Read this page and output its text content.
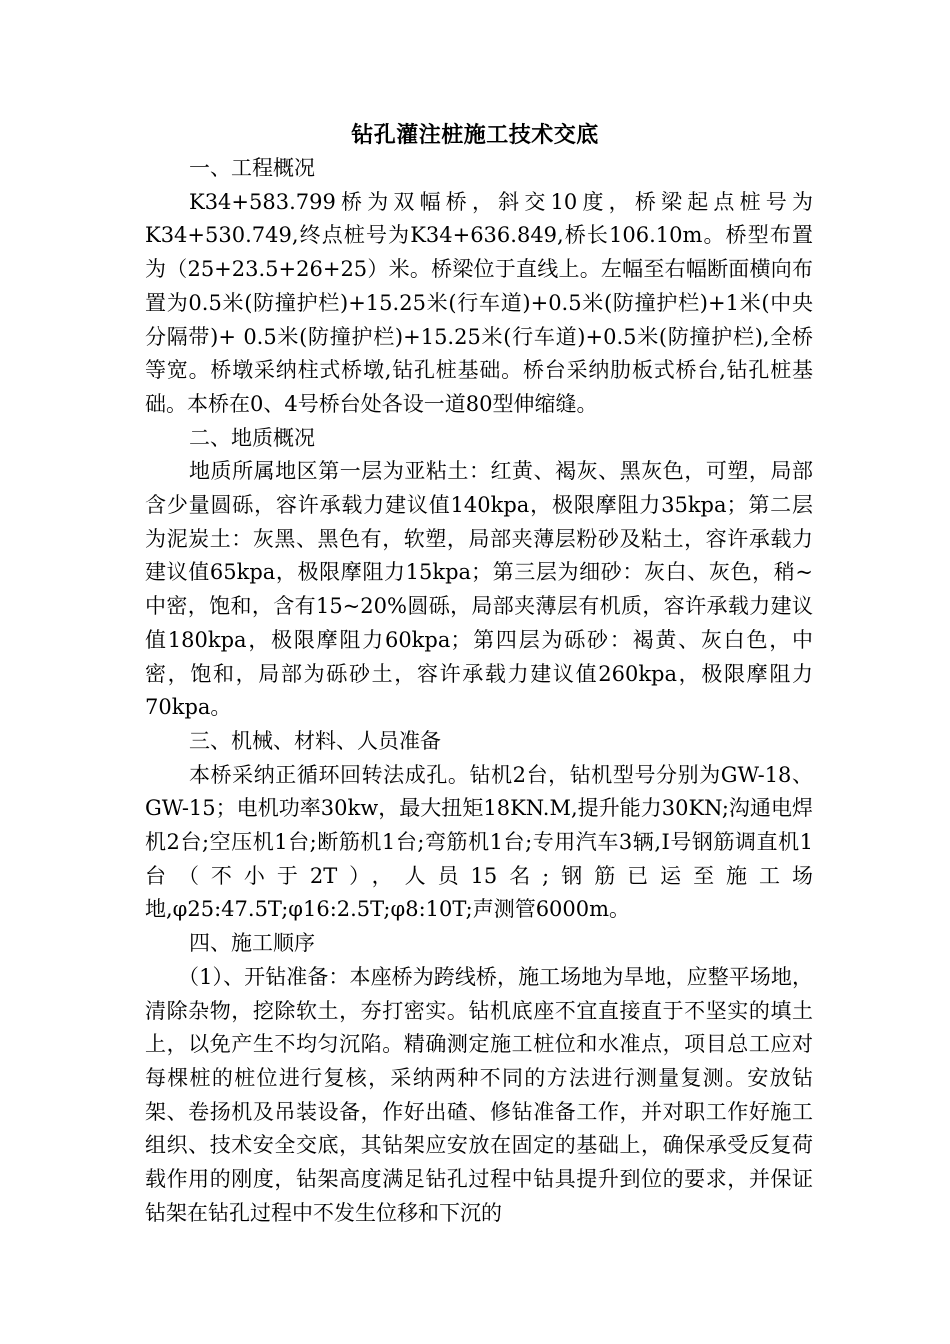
钻孔灌注桩施工技术交底

一、工程概况

K34+583.799桥为双幅桥，斜交10度，桥梁起点桩号为K34+530.749,终点桩号为K34+636.849,桥长106.10m。桥型布置为（25+23.5+26+25）米。桥梁位于直线上。左幅至右幅断面横向布置为0.5米(防撞护栏)+15.25米(行车道)+0.5米(防撞护栏)+1米(中央分隔带)+ 0.5米(防撞护栏)+15.25米(行车道)+0.5米(防撞护栏),全桥等宽。桥墩采纳柱式桥墩,钻孔桩基础。桥台采纳肋板式桥台,钻孔桩基础。本桥在0、4号桥台处各设一道80型伸缩缝。

二、地质概况

地质所属地区第一层为亚粘土：红黄、褐灰、黑灰色，可塑，局部含少量圆砾，容许承载力建议值140kpa，极限摩阻力35kpa；第二层为泥炭土：灰黑、黑色有，软塑，局部夹薄层粉砂及粘土，容许承载力建议值65kpa，极限摩阻力15kpa；第三层为细砂：灰白、灰色，稍~中密，饱和，含有15~20%圆砾，局部夹薄层有机质，容许承载力建议值180kpa，极限摩阻力60kpa；第四层为砾砂：褐黄、灰白色，中密，饱和，局部为砾砂土，容许承载力建议值260kpa，极限摩阻力70kpa。

三、机械、材料、人员准备

本桥采纳正循环回转法成孔。钻机2台，钻机型号分别为GW-18、GW-15；电机功率30kw，最大扭矩18KN.M,提升能力30KN;沟通电焊机2台;空压机1台;断筋机1台;弯筋机1台;专用汽车3辆,Ⅰ号钢筋调直机1台（不小于2T），人员15名;钢筋已运至施工场地,φ25:47.5T;φ16:2.5T;φ8:10T;声测管6000m。

四、施工顺序

（1）、开钻准备：本座桥为跨线桥，施工场地为旱地，应整平场地，清除杂物，挖除软土，夯打密实。钻机底座不宜直接直于不坚实的填土上，以免产生不均匀沉陷。精确测定施工桩位和水准点，项目总工应对每棵桩的桩位进行复核，采纳两种不同的方法进行测量复测。安放钻架、卷扬机及吊装设备，作好出碴、修钻准备工作，并对职工作好施工组织、技术安全交底，其钻架应安放在固定的基础上，确保承受反复荷载作用的刚度，钻架高度满足钻孔过程中钻具提升到位的要求，并保证钻架在钻孔过程中不发生位移和下沉的
